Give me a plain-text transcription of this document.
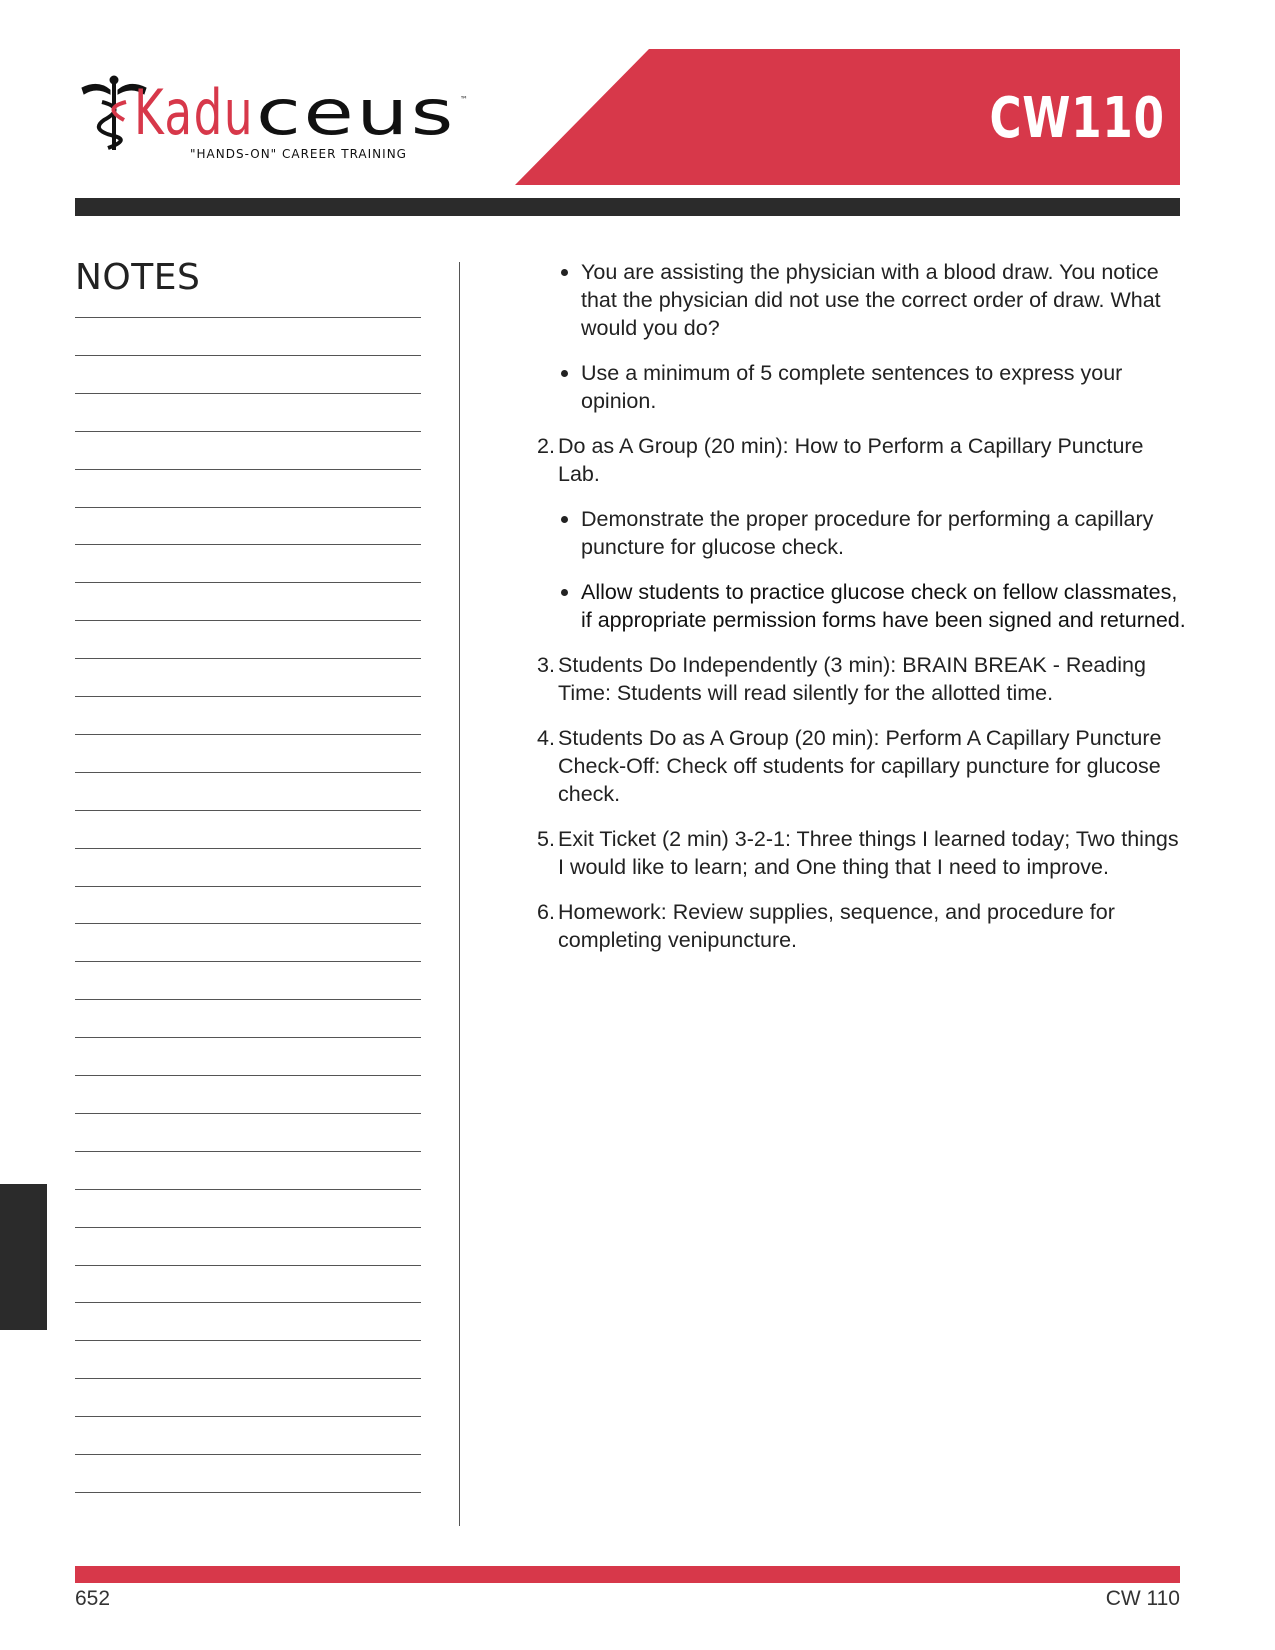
Kadu ceus ™
"HANDS-ON" CAREER TRAINING
CW110
NOTES	You are assisting the physician with a blood draw. You notice that the physician did not use the correct order of draw. What would you do?
Use a minimum of 5 complete sentences to express your opinion.
2. Do as A Group (20 min): How to Perform a Capillary Puncture Lab.
Demonstrate the proper procedure for performing a capillary puncture for glucose check.
Allow students to practice glucose check on fellow classmates, if appropriate permission forms have been signed and returned.
3. Students Do Independently (3 min): BRAIN BREAK - Reading Time: Students will read silently for the allotted time.
4. Students Do as A Group (20 min): Perform A Capillary Puncture Check-Off: Check off students for capillary puncture for glucose check.
5. Exit Ticket (2 min) 3-2-1: Three things I learned today; Two things I would like to learn; and One thing that I need to improve.
6. Homework: Review supplies, sequence, and procedure for completing venipuncture.
652	CW 110
